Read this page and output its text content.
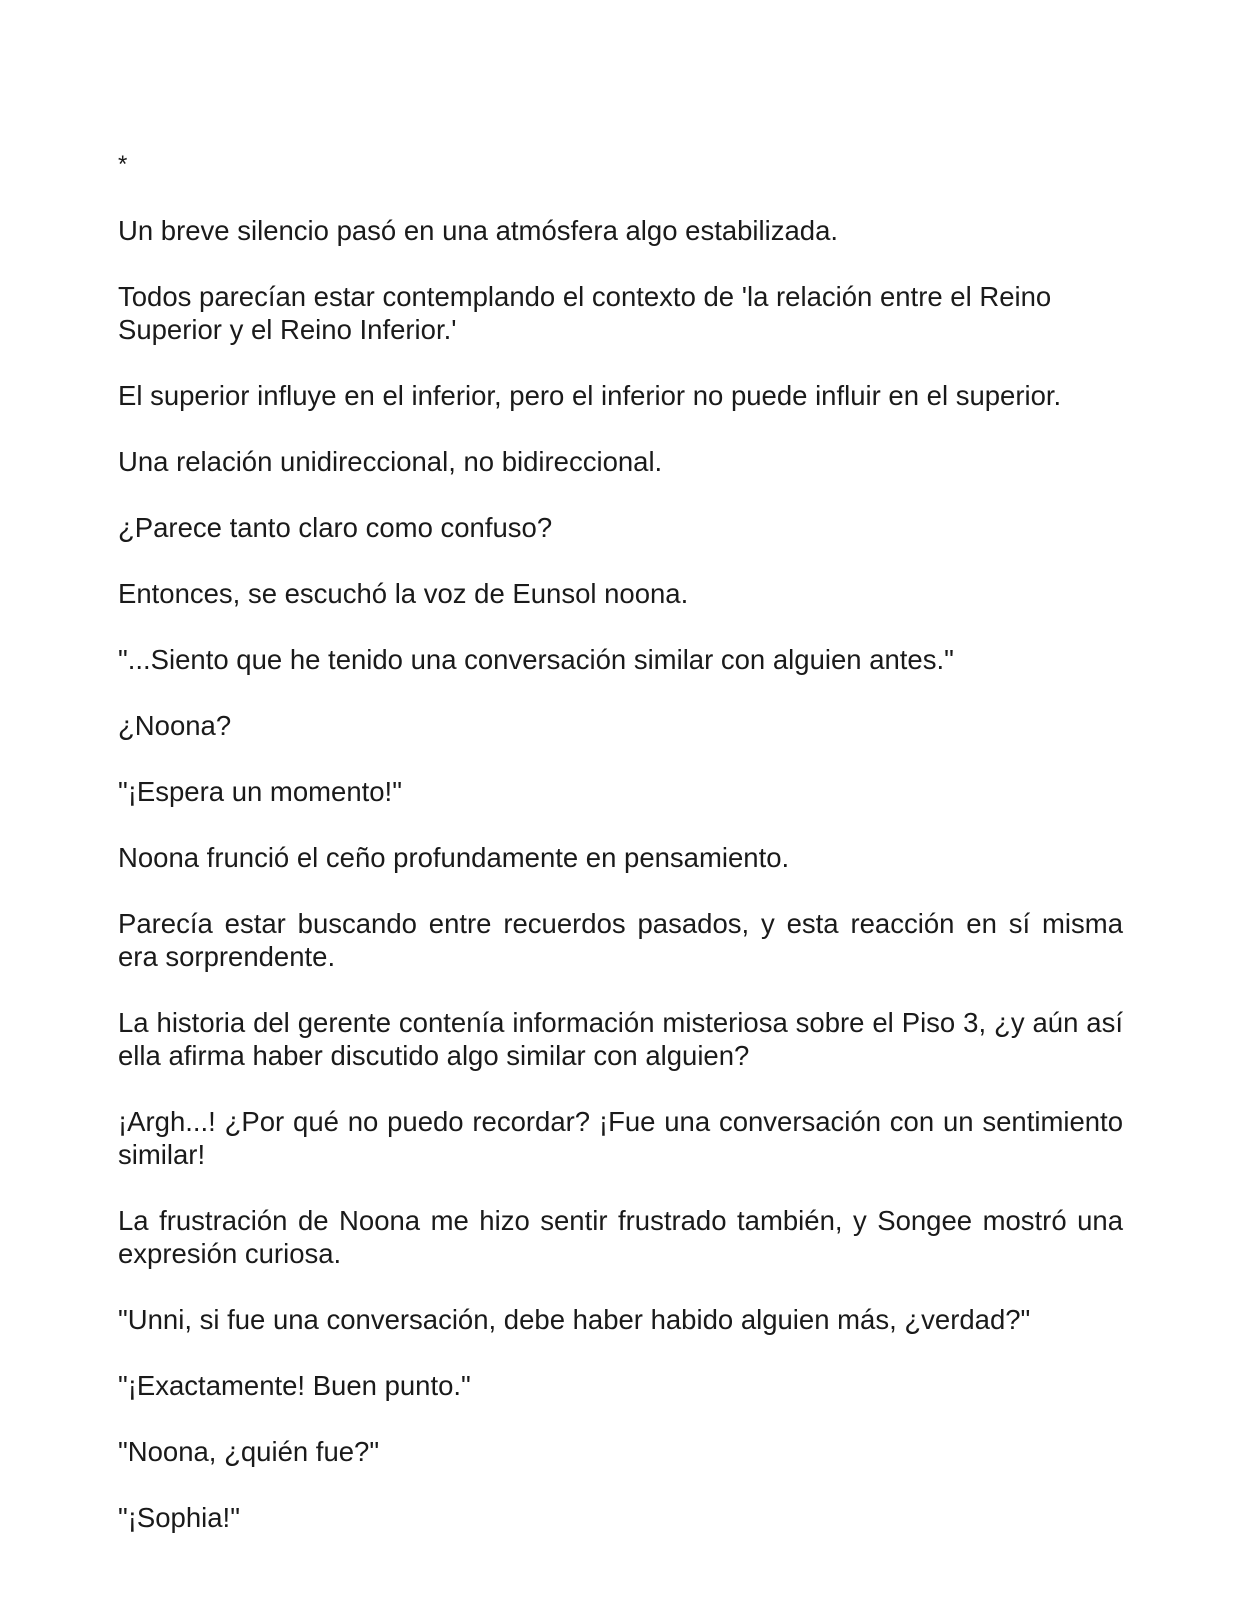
*

Un breve silencio pasó en una atmósfera algo estabilizada.

Todos parecían estar contemplando el contexto de 'la relación entre el Reino Superior y el Reino Inferior.'

El superior influye en el inferior, pero el inferior no puede influir en el superior.

Una relación unidireccional, no bidireccional.

¿Parece tanto claro como confuso?

Entonces, se escuchó la voz de Eunsol noona.

"...Siento que he tenido una conversación similar con alguien antes."

¿Noona?

"¡Espera un momento!"

Noona frunció el ceño profundamente en pensamiento.

Parecía estar buscando entre recuerdos pasados, y esta reacción en sí misma era sorprendente.

La historia del gerente contenía información misteriosa sobre el Piso 3, ¿y aún así ella afirma haber discutido algo similar con alguien?

¡Argh...! ¿Por qué no puedo recordar? ¡Fue una conversación con un sentimiento similar!

La frustración de Noona me hizo sentir frustrado también, y Songee mostró una expresión curiosa.

"Unni, si fue una conversación, debe haber habido alguien más, ¿verdad?"

"¡Exactamente! Buen punto."

"Noona, ¿quién fue?"

"¡Sophia!"
